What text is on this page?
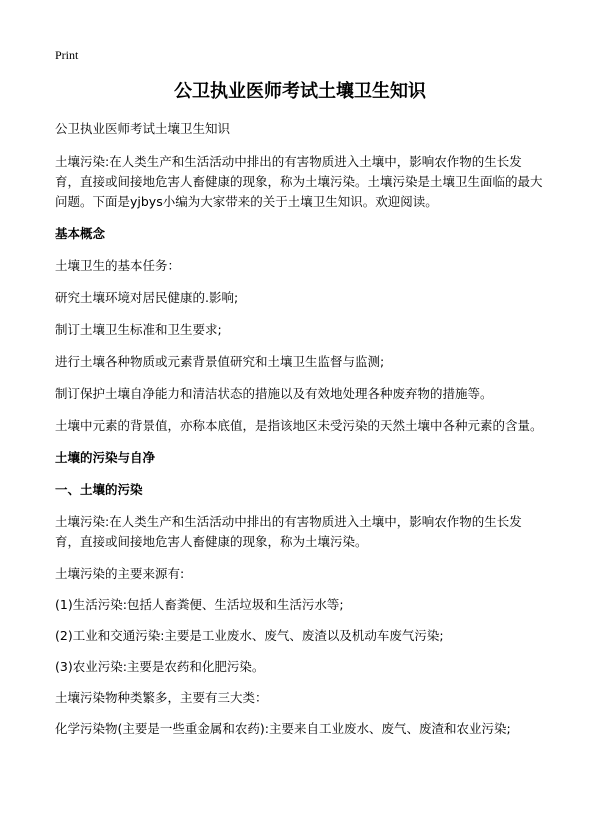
Print
公卫执业医师考试土壤卫生知识

公卫执业医师考试土壤卫生知识

土壤污染:在人类生产和生活活动中排出的有害物质进入土壤中，影响农作物的生长发育，直接或间接地危害人畜健康的现象，称为土壤污染。土壤污染是土壤卫生面临的最大问题。下面是yjbys小编为大家带来的关于土壤卫生知识。欢迎阅读。

基本概念

土壤卫生的基本任务：

研究土壤环境对居民健康的.影响;

制订土壤卫生标准和卫生要求;

进行土壤各种物质或元素背景值研究和土壤卫生监督与监测;

制订保护土壤自净能力和清洁状态的措施以及有效地处理各种废弃物的措施等。

土壤中元素的背景值，亦称本底值，是指该地区未受污染的天然土壤中各种元素的含量。

土壤的污染与自净

一、土壤的污染

土壤污染:在人类生产和生活活动中排出的有害物质进入土壤中，影响农作物的生长发育，直接或间接地危害人畜健康的现象，称为土壤污染。

土壤污染的主要来源有:

(1)生活污染:包括人畜粪便、生活垃圾和生活污水等;

(2)工业和交通污染:主要是工业废水、废气、废渣以及机动车废气污染;

(3)农业污染:主要是农药和化肥污染。

土壤污染物种类繁多，主要有三大类：

化学污染物(主要是一些重金属和农药):主要来自工业废水、废气、废渣和农业污染;
